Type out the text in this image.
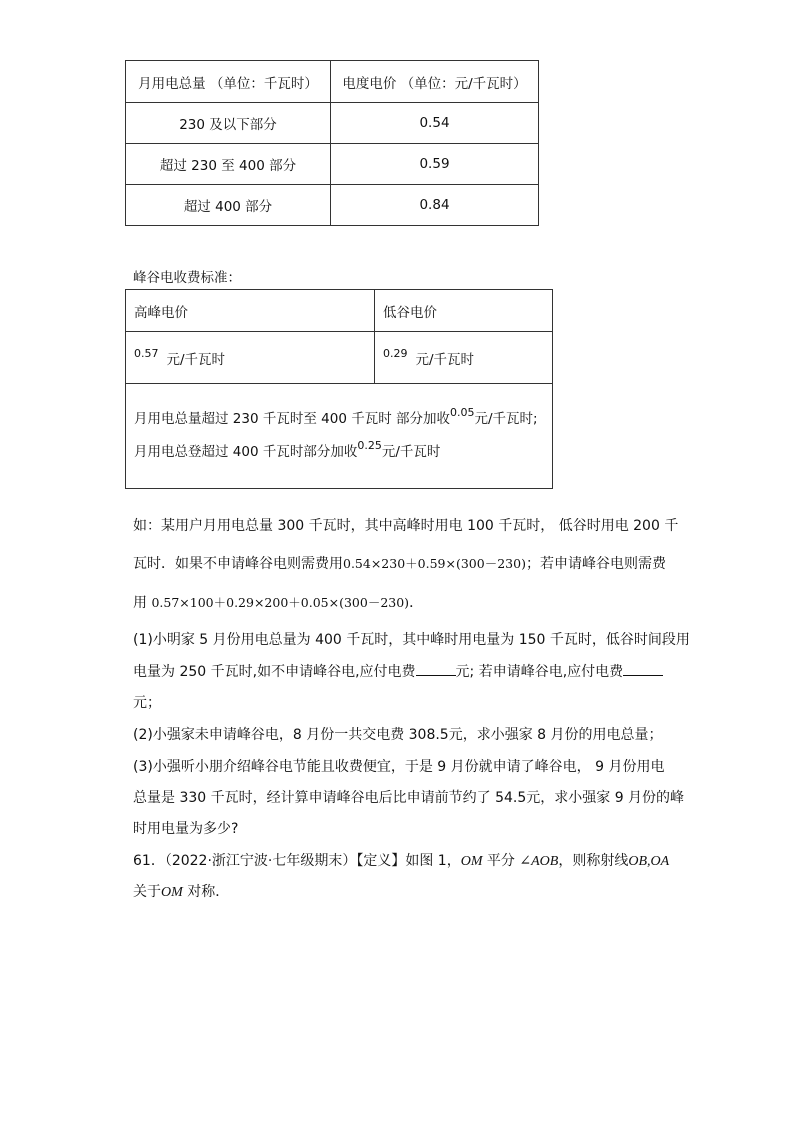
月用电总量 （单位：千瓦时）	电度电价 （单位：元/千瓦时）
230 及以下部分	0.54
超过 230 至 400 部分	0.59
超过 400 部分	0.84
峰谷电收费标准：
高峰电价	低谷电价
$^{0.57}$ 元/千瓦时	$^{0.29}$ 元/千瓦时

月用电总量超过 230 千瓦时至 400 千瓦时 部分加收$^{0.05}$元/千瓦时;
月用电总登超过 400 千瓦时部分加收$^{0.25}$元/千瓦时	
如：某用户月用电总量 300 千瓦时，其中高峰时用电 100 千瓦时， 低谷时用电 200 千
瓦时．如果不申请峰谷电则需费用0.54×230＋0.59×(300－230)；若申请峰谷电则需费
用 0.57×100＋0.29×200＋0.05×(300－230)．
(1)小明家 5 月份用电总量为 400 千瓦时，其中峰时用电量为 150 千瓦时，低谷时间段用
电量为 250 千瓦时,如不申请峰谷电,应付电费	元; 若申请峰谷电,应付电费
元；
(2)小强家未申请峰谷电，8 月份一共交电费 308.5元，求小强家 8 月份的用电总量；
(3)小强听小朋介绍峰谷电节能且收费便宜，于是 9 月份就申请了峰谷电， 9 月份用电
总量是 330 千瓦时，经计算申请峰谷电后比申请前节约了 54.5元，求小强家 9 月份的峰
时用电量为多少?
61．（2022·浙江宁波·七年级期末）【定义】如图 1，OM 平分 ∠AOB，则称射线OB,OA
关于OM 对称．
